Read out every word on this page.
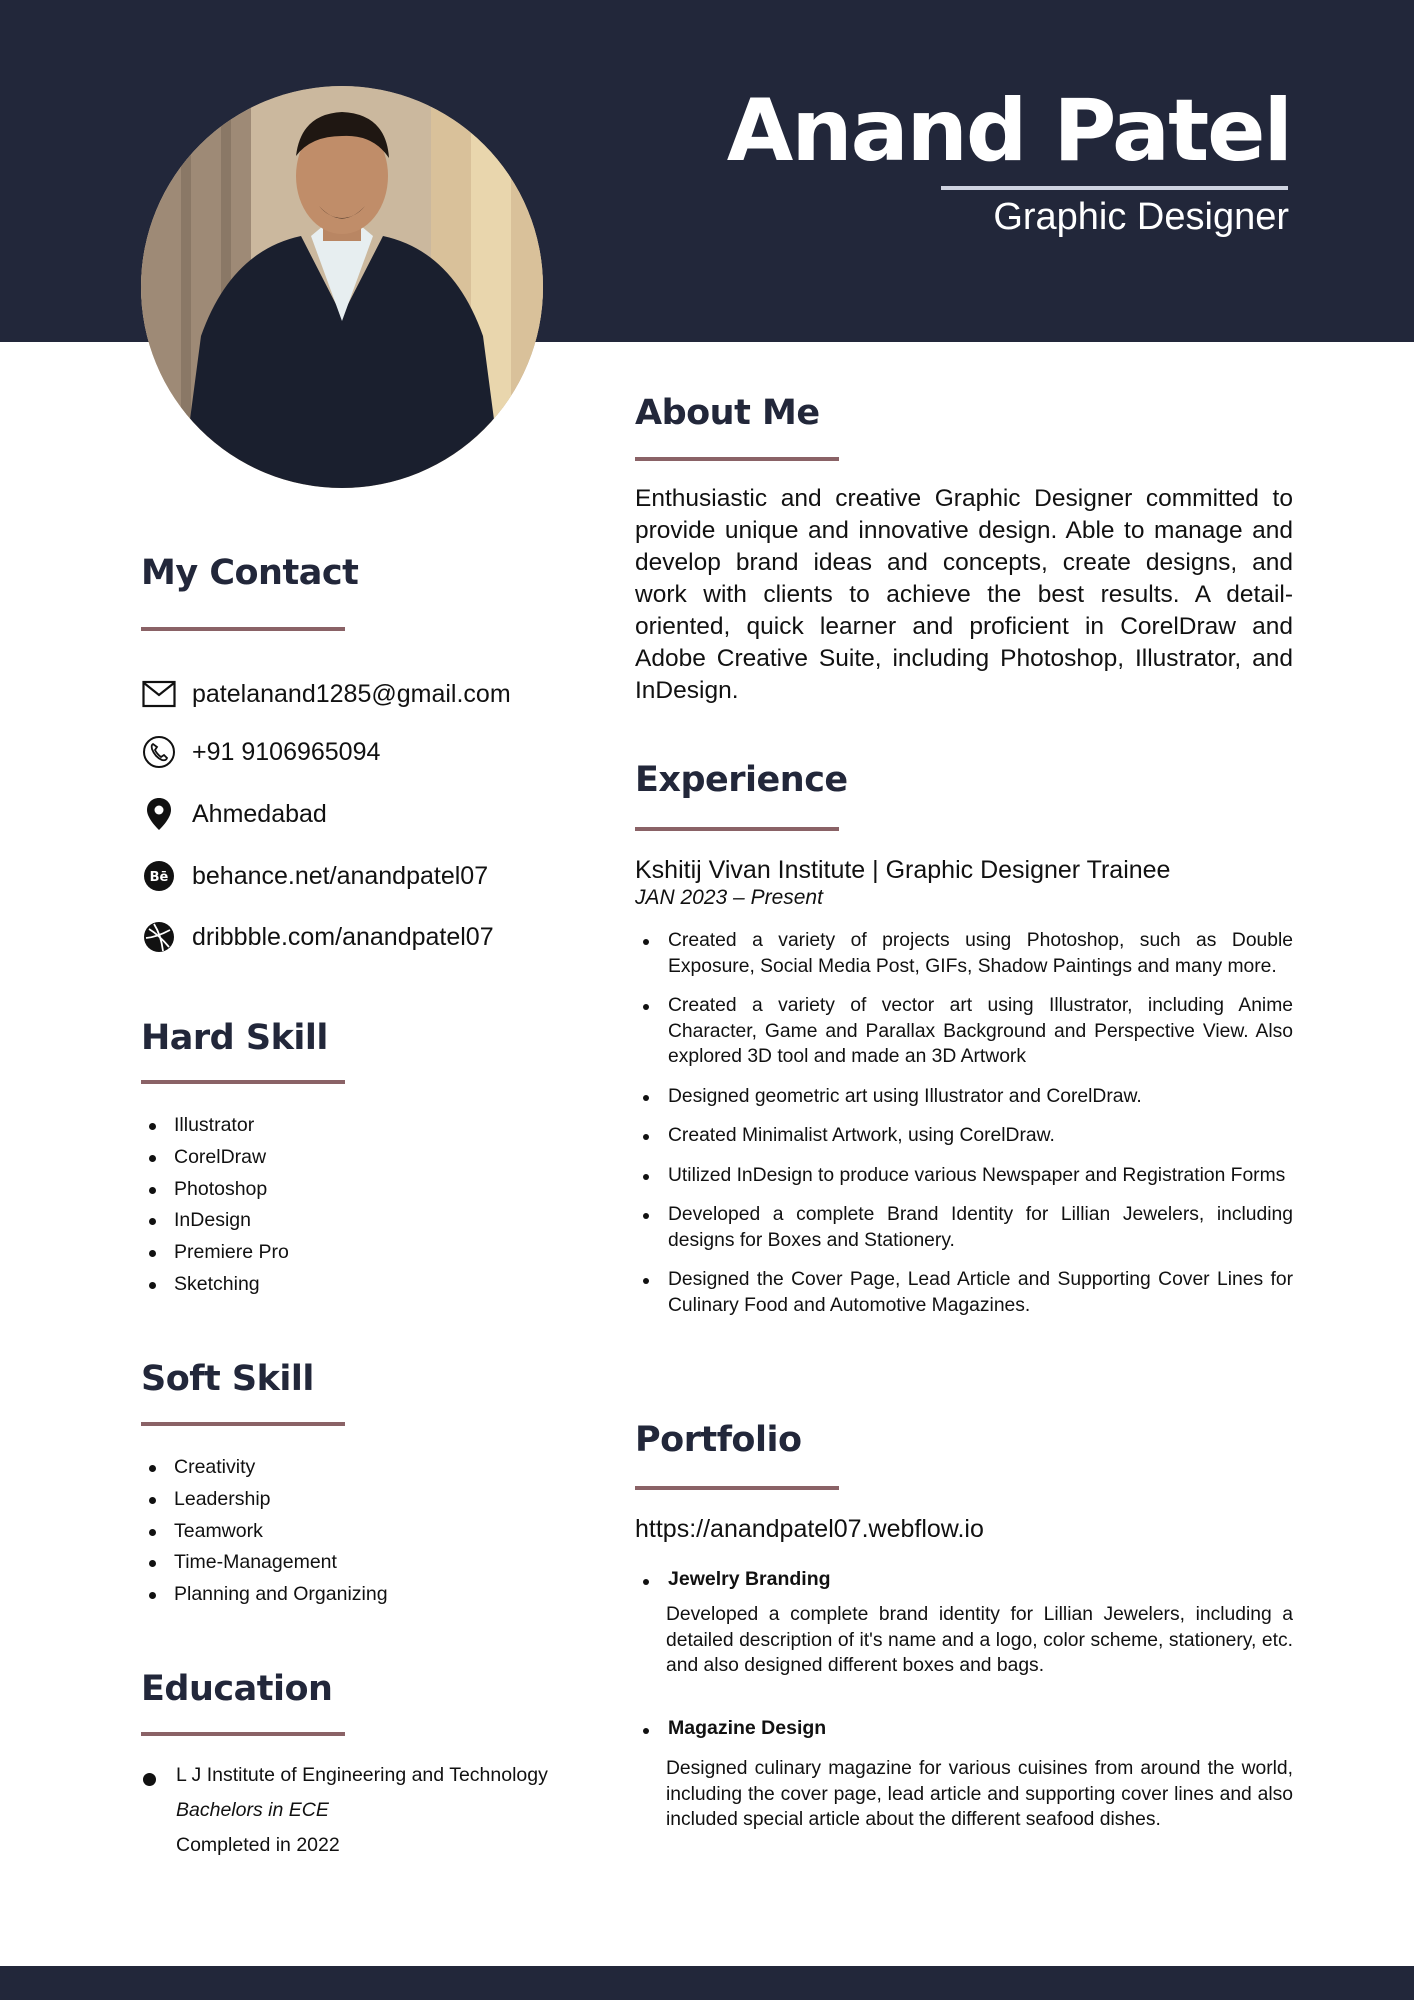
Anand Patel
Graphic Designer
My Contact
patelanand1285@gmail.com
+91 9106965094
Ahmedabad
Bē behance.net/anandpatel07
dribbble.com/anandpatel07
Hard Skill
Illustrator
CorelDraw
Photoshop
InDesign
Premiere Pro
Sketching
Soft Skill
Creativity
Leadership
Teamwork
Time-Management
Planning and Organizing
Education
L J Institute of Engineering and Technology
Bachelors in ECE
Completed in 2022
About Me

Enthusiastic and creative Graphic Designer committed to provide unique and innovative design. Able to manage and develop brand ideas and concepts, create designs, and work with clients to achieve the best results. A detail-oriented, quick learner and proficient in CorelDraw and Adobe Creative Suite, including Photoshop, Illustrator, and InDesign.

Experience
Kshitij Vivan Institute | Graphic Designer Trainee
JAN 2023 – Present
Created a variety of projects using Photoshop, such as Double Exposure, Social Media Post, GIFs, Shadow Paintings and many more.
Created a variety of vector art using Illustrator, including Anime Character, Game and Parallax Background and Perspective View. Also explored 3D tool and made an 3D Artwork
Designed geometric art using Illustrator and CorelDraw.
Created Minimalist Artwork, using CorelDraw.
Utilized InDesign to produce various Newspaper and Registration Forms
Developed a complete Brand Identity for Lillian Jewelers, including designs for Boxes and Stationery.
Designed the Cover Page, Lead Article and Supporting Cover Lines for Culinary Food and Automotive Magazines.
Portfolio
https://anandpatel07.webflow.io
Jewelry Branding

Developed a complete brand identity for Lillian Jewelers, including a detailed description of it's name and a logo, color scheme, stationery, etc. and also designed different boxes and bags.

Magazine Design

Designed culinary magazine for various cuisines from around the world, including the cover page, lead article and supporting cover lines and also included special article about the different seafood dishes.
